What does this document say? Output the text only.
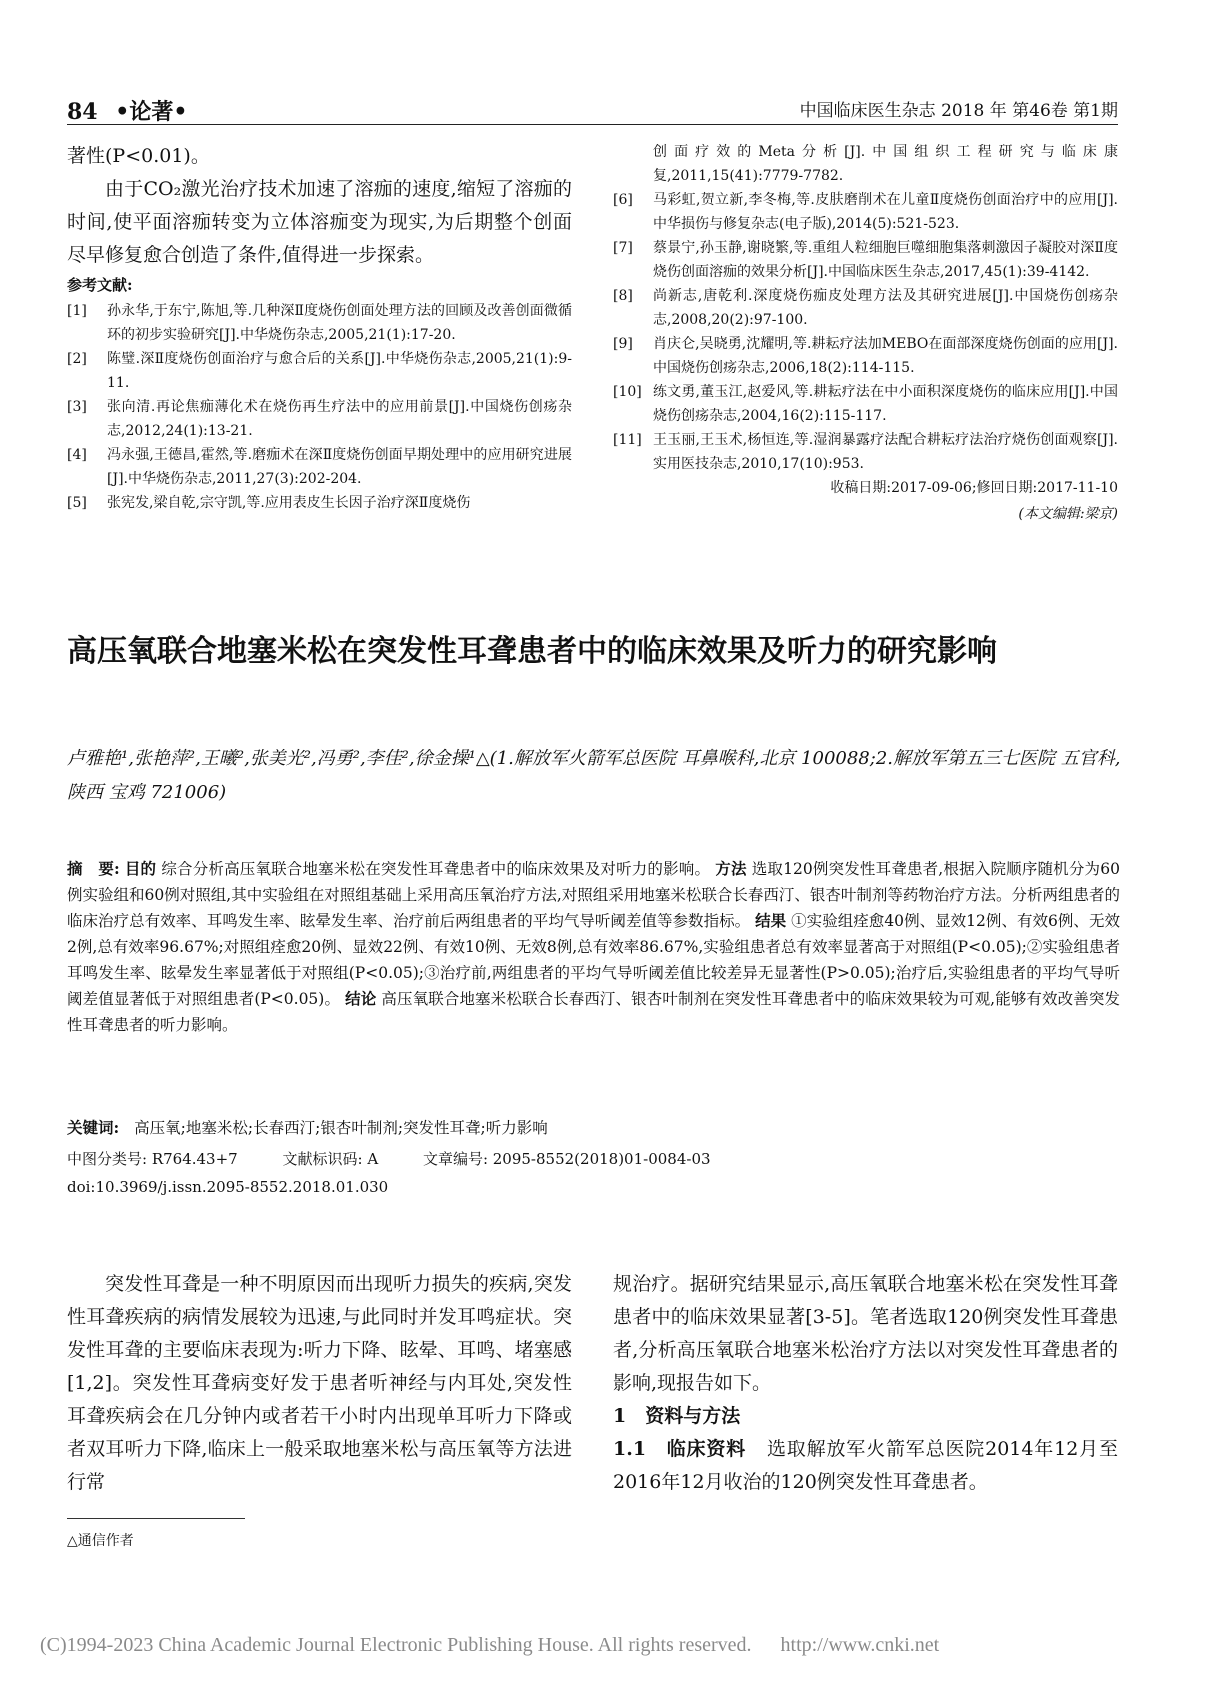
84 •论著•	中国临床医生杂志 2018 年 第46卷 第1期

著性(P<0.01)。

由于CO₂激光治疗技术加速了溶痂的速度,缩短了溶痂的时间,使平面溶痂转变为立体溶痂变为现实,为后期整个创面尽早修复愈合创造了条件,值得进一步探索。

参考文献:
[1]	孙永华,于东宁,陈旭,等.几种深Ⅱ度烧伤创面处理方法的回顾及改善创面微循环的初步实验研究[J].中华烧伤杂志,2005,21(1):17-20.
[2]	陈璧.深Ⅱ度烧伤创面治疗与愈合后的关系[J].中华烧伤杂志,2005,21(1):9-11.
[3]	张向清.再论焦痂薄化术在烧伤再生疗法中的应用前景[J].中国烧伤创疡杂志,2012,24(1):13-21.
[4]	冯永强,王德昌,霍然,等.磨痂术在深Ⅱ度烧伤创面早期处理中的应用研究进展[J].中华烧伤杂志,2011,27(3):202-204.
[5]	张宪发,梁自乾,宗守凯,等.应用表皮生长因子治疗深Ⅱ度烧伤
创面疗效的Meta分析[J].中国组织工程研究与临床康复,2011,15(41):7779-7782.
[6]	马彩虹,贺立新,李冬梅,等.皮肤磨削术在儿童Ⅱ度烧伤创面治疗中的应用[J].中华损伤与修复杂志(电子版),2014(5):521-523.
[7]	蔡景宁,孙玉静,谢晓繁,等.重组人粒细胞巨噬细胞集落刺激因子凝胶对深Ⅱ度烧伤创面溶痂的效果分析[J].中国临床医生杂志,2017,45(1):39-4142.
[8]	尚新志,唐乾利.深度烧伤痂皮处理方法及其研究进展[J].中国烧伤创疡杂志,2008,20(2):97-100.
[9]	肖庆仑,吴晓勇,沈耀明,等.耕耘疗法加MEBO在面部深度烧伤创面的应用[J].中国烧伤创疡杂志,2006,18(2):114-115.
[10] 练文勇,董玉江,赵爱风,等.耕耘疗法在中小面积深度烧伤的临床应用[J].中国烧伤创疡杂志,2004,16(2):115-117.
[11] 王玉丽,王玉术,杨恒连,等.湿润暴露疗法配合耕耘疗法治疗烧伤创面观察[J].实用医技杂志,2010,17(10):953.
收稿日期:2017-09-06;修回日期:2017-11-10
(本文编辑:梁京)
高压氧联合地塞米松在突发性耳聋患者中的临床效果及听力的研究影响
卢雅艳¹,张艳萍²,王曦²,张美光²,冯勇²,李佳²,徐金操¹△(1.解放军火箭军总医院 耳鼻喉科,北京 100088;2.解放军第五三七医院 五官科,陕西 宝鸡 721006)
摘　要: 目的 综合分析高压氧联合地塞米松在突发性耳聋患者中的临床效果及对听力的影响。 方法 选取120例突发性耳聋患者,根据入院顺序随机分为60例实验组和60例对照组,其中实验组在对照组基础上采用高压氧治疗方法,对照组采用地塞米松联合长春西汀、银杏叶制剂等药物治疗方法。分析两组患者的临床治疗总有效率、耳鸣发生率、眩晕发生率、治疗前后两组患者的平均气导听阈差值等参数指标。 结果 ①实验组痊愈40例、显效12例、有效6例、无效2例,总有效率96.67%;对照组痊愈20例、显效22例、有效10例、无效8例,总有效率86.67%,实验组患者总有效率显著高于对照组(P<0.05);②实验组患者耳鸣发生率、眩晕发生率显著低于对照组(P<0.05);③治疗前,两组患者的平均气导听阈差值比较差异无显著性(P>0.05);治疗后,实验组患者的平均气导听阈差值显著低于对照组患者(P<0.05)。 结论 高压氧联合地塞米松联合长春西汀、银杏叶制剂在突发性耳聋患者中的临床效果较为可观,能够有效改善突发性耳聋患者的听力影响。
关键词: 高压氧;地塞米松;长春西汀;银杏叶制剂;突发性耳聋;听力影响
中图分类号: R764.43+7	文献标识码: A	文章编号: 2095-8552(2018)01-0084-03
doi:10.3969/j.issn.2095-8552.2018.01.030

突发性耳聋是一种不明原因而出现听力损失的疾病,突发性耳聋疾病的病情发展较为迅速,与此同时并发耳鸣症状。突发性耳聋的主要临床表现为:听力下降、眩晕、耳鸣、堵塞感[1,2]。突发性耳聋病变好发于患者听神经与内耳处,突发性耳聋疾病会在几分钟内或者若干小时内出现单耳听力下降或者双耳听力下降,临床上一般采取地塞米松与高压氧等方法进行常

规治疗。据研究结果显示,高压氧联合地塞米松在突发性耳聋患者中的临床效果显著[3-5]。笔者选取120例突发性耳聋患者,分析高压氧联合地塞米松治疗方法以对突发性耳聋患者的影响,现报告如下。

1　资料与方法

1.1　临床资料 选取解放军火箭军总医院2014年12月至2016年12月收治的120例突发性耳聋患者。

△通信作者
(C)1994-2023 China Academic Journal Electronic Publishing House. All rights reserved. http://www.cnki.net
